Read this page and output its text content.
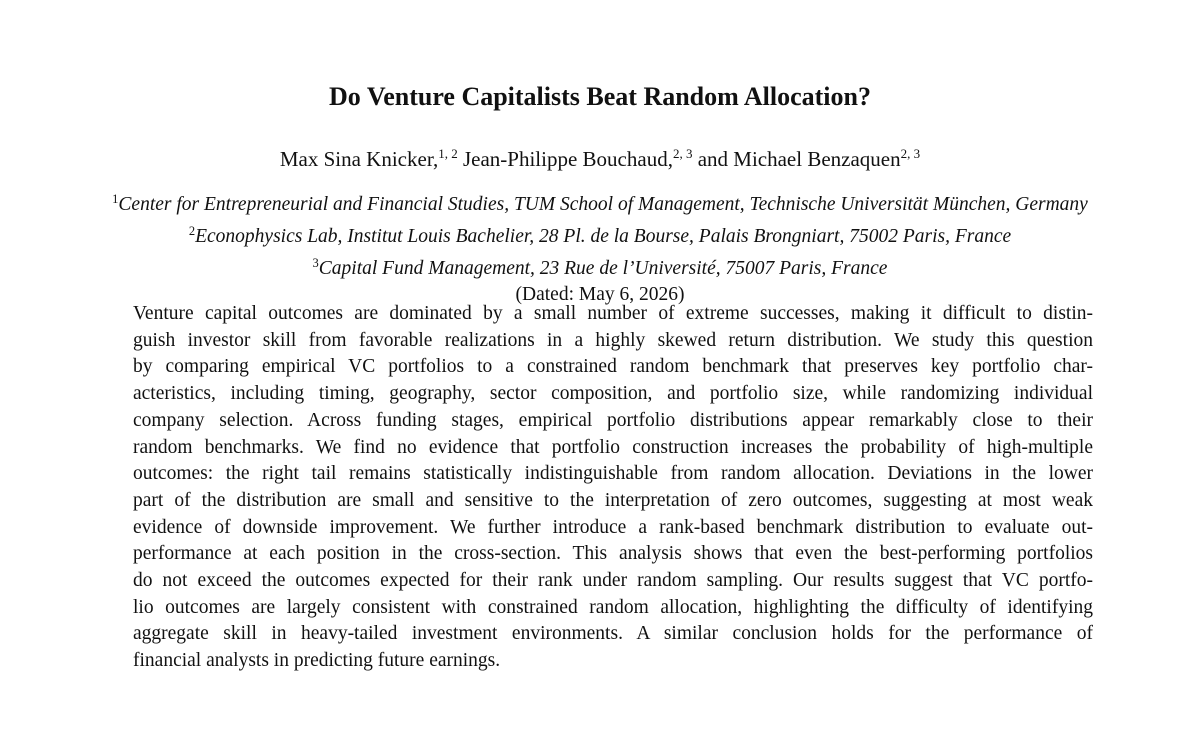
Do Venture Capitalists Beat Random Allocation?
Max Sina Knicker,$^{1, 2}$ Jean-Philippe Bouchaud,$^{2, 3}$ and Michael Benzaquen$^{2, 3}$
$^1$Center for Entrepreneurial and Financial Studies, TUM School of Management, Technische Universität München, Germany
$^2$Econophysics Lab, Institut Louis Bachelier, 28 Pl. de la Bourse, Palais Brongniart, 75002 Paris, France
$^3$Capital Fund Management, 23 Rue de l’Université, 75007 Paris, France
(Dated: May 6, 2026)
Venture capital outcomes are dominated by a small number of extreme successes, making it difficult to distin-
guish investor skill from favorable realizations in a highly skewed return distribution. We study this question
by comparing empirical VC portfolios to a constrained random benchmark that preserves key portfolio char-
acteristics, including timing, geography, sector composition, and portfolio size, while randomizing individual
company selection. Across funding stages, empirical portfolio distributions appear remarkably close to their
random benchmarks. We find no evidence that portfolio construction increases the probability of high-multiple
outcomes: the right tail remains statistically indistinguishable from random allocation. Deviations in the lower
part of the distribution are small and sensitive to the interpretation of zero outcomes, suggesting at most weak
evidence of downside improvement. We further introduce a rank-based benchmark distribution to evaluate out-
performance at each position in the cross-section. This analysis shows that even the best-performing portfolios
do not exceed the outcomes expected for their rank under random sampling. Our results suggest that VC portfo-
lio outcomes are largely consistent with constrained random allocation, highlighting the difficulty of identifying
aggregate skill in heavy-tailed investment environments. A similar conclusion holds for the performance of
financial analysts in predicting future earnings.
